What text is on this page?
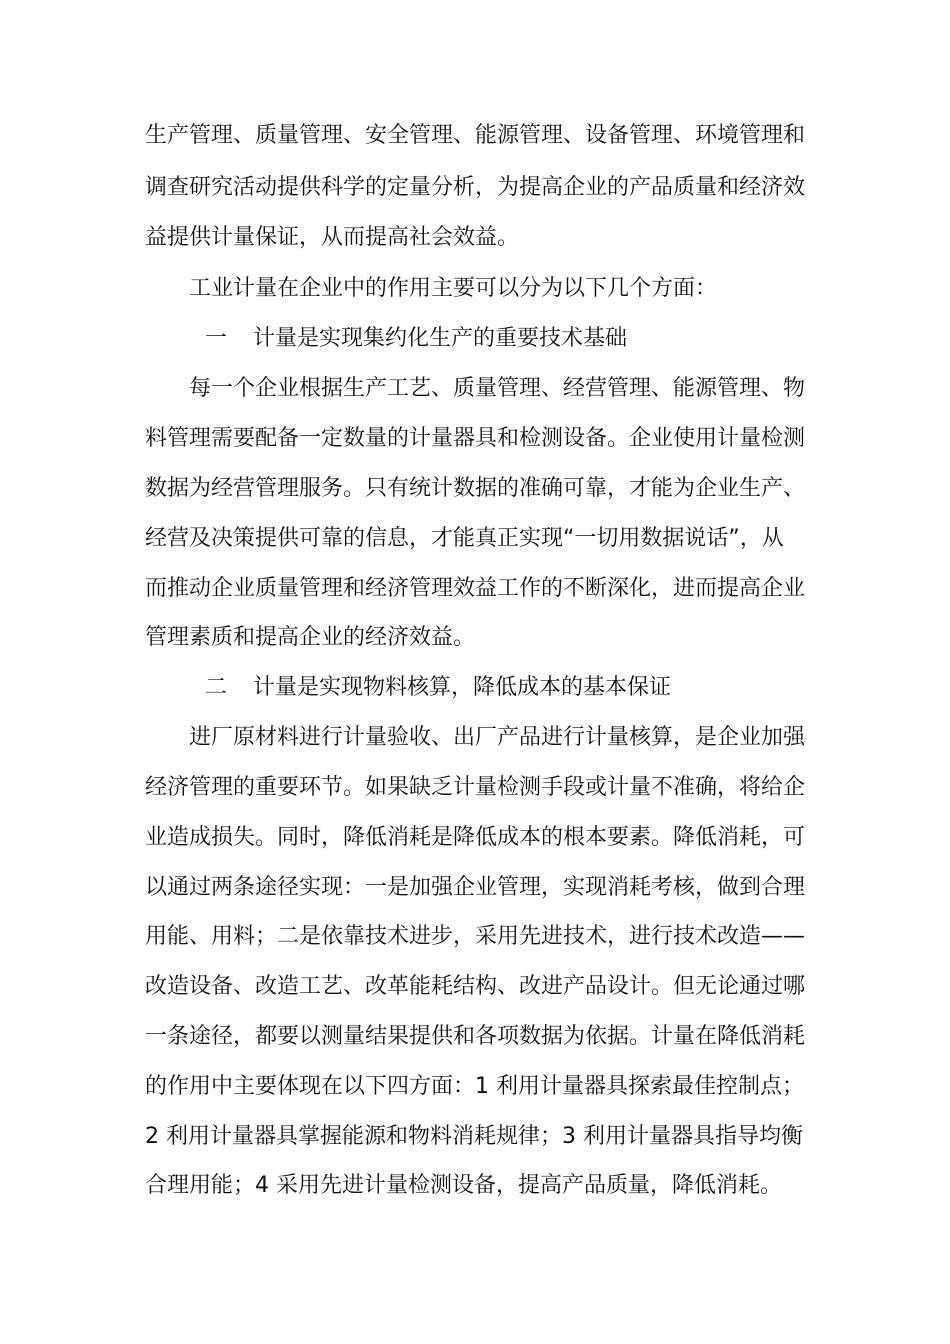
生产管理、质量管理、安全管理、能源管理、设备管理、环境管理和
调查研究活动提供科学的定量分析，为提高企业的产品质量和经济效
益提供计量保证，从而提高社会效益。
工业计量在企业中的作用主要可以分为以下几个方面：
一 计量是实现集约化生产的重要技术基础
每一个企业根据生产工艺、质量管理、经营管理、能源管理、物
料管理需要配备一定数量的计量器具和检测设备。企业使用计量检测
数据为经营管理服务。只有统计数据的准确可靠，才能为企业生产、
经营及决策提供可靠的信息，才能真正实现“一切用数据说话”，从
而推动企业质量管理和经济管理效益工作的不断深化，进而提高企业
管理素质和提高企业的经济效益。
二 计量是实现物料核算，降低成本的基本保证
进厂原材料进行计量验收、出厂产品进行计量核算，是企业加强
经济管理的重要环节。如果缺乏计量检测手段或计量不准确，将给企
业造成损失。同时，降低消耗是降低成本的根本要素。降低消耗，可
以通过两条途径实现：一是加强企业管理，实现消耗考核，做到合理
用能、用料；二是依靠技术进步，采用先进技术，进行技术改造——
改造设备、改造工艺、改革能耗结构、改进产品设计。但无论通过哪
一条途径，都要以测量结果提供和各项数据为依据。计量在降低消耗
的作用中主要体现在以下四方面：1 利用计量器具探索最佳控制点；
2 利用计量器具掌握能源和物料消耗规律；3 利用计量器具指导均衡
合理用能；4 采用先进计量检测设备，提高产品质量，降低消耗。
